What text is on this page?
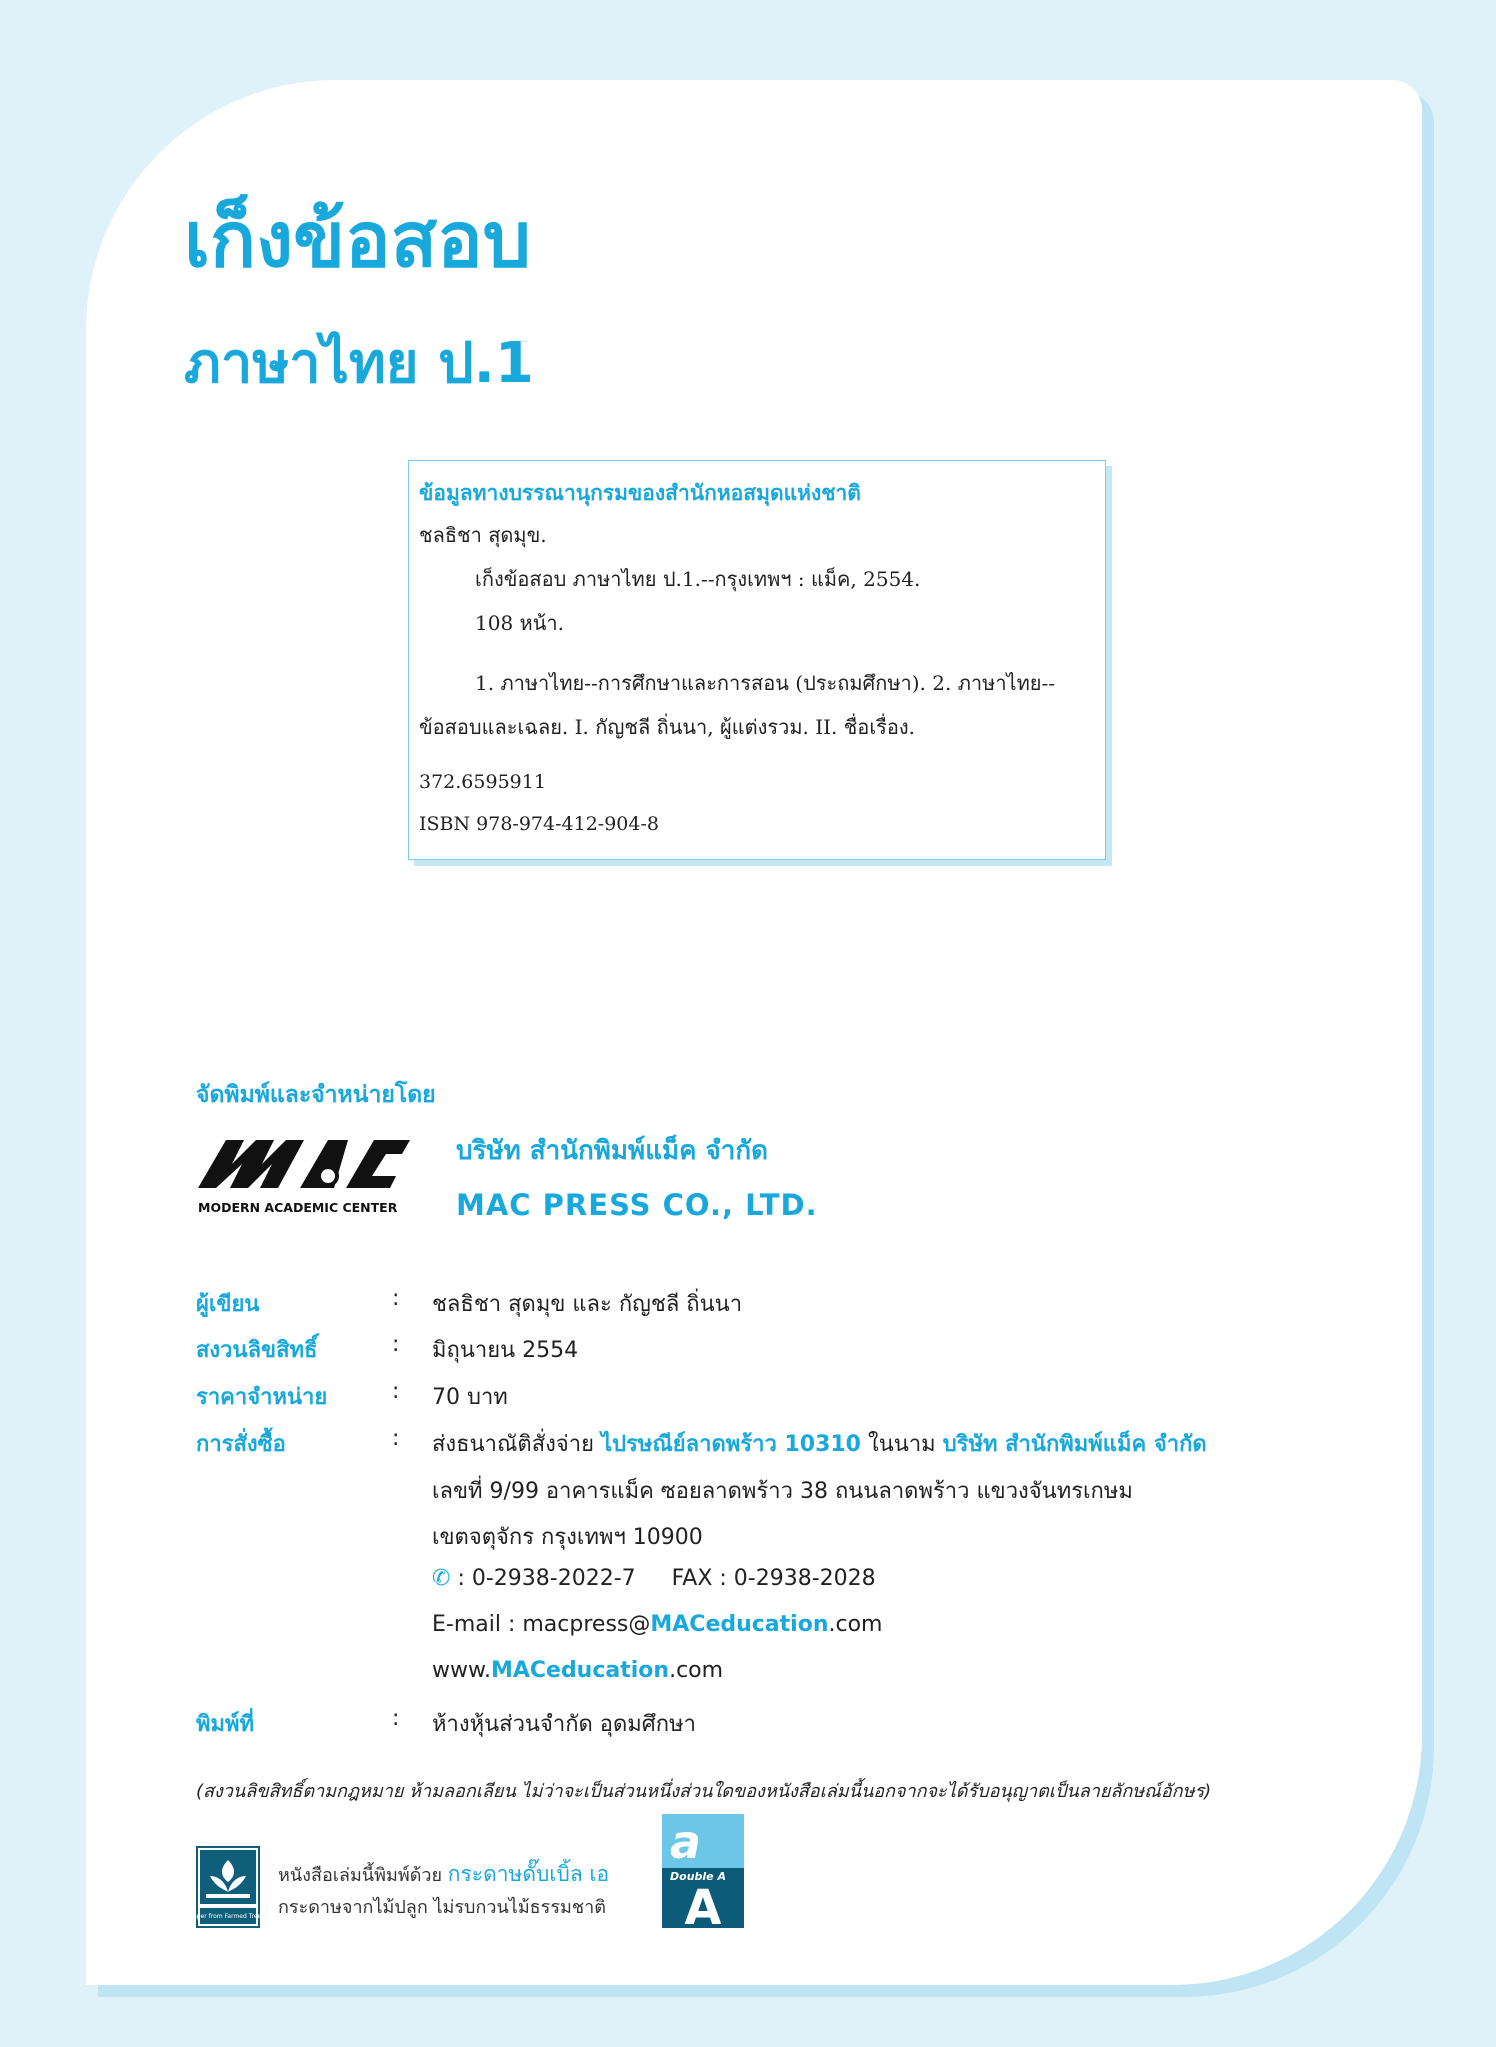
เก็งข้อสอบ
ภาษาไทย ป.1
ข้อมูลทางบรรณานุกรมของสำนักหอสมุดแห่งชาติ
ชลธิชา สุดมุข.
เก็งข้อสอบ ภาษาไทย ป.1.--กรุงเทพฯ : แม็ค, 2554.
108 หน้า.
1. ภาษาไทย--การศึกษาและการสอน (ประถมศึกษา). 2. ภาษาไทย--
ข้อสอบและเฉลย. I. กัญชลี ถิ่นนา, ผู้แต่งรวม. II. ชื่อเรื่อง.
372.6595911
ISBN 978-974-412-904-8
จัดพิมพ์และจำหน่ายโดย
MODERN ACADEMIC CENTER
บริษัท สำนักพิมพ์แม็ค จำกัด
MAC PRESS CO., LTD.
ผู้เขียน	: ชลธิชา สุดมุข และ กัญชลี ถิ่นนา
สงวนลิขสิทธิ์	: มิถุนายน 2554
ราคาจำหน่าย	: 70 บาท
การสั่งซื้อ	: ส่งธนาณัติสั่งจ่าย ไปรษณีย์ลาดพร้าว 10310 ในนาม บริษัท สำนักพิมพ์แม็ค จำกัด
เลขที่ 9/99 อาคารแม็ค ซอยลาดพร้าว 38 ถนนลาดพร้าว แขวงจันทรเกษม
เขตจตุจักร กรุงเทพฯ 10900
✆ : 0-2938-2022-7 FAX : 0-2938-2028
E-mail : macpress@MACeducation.com
www.MACeducation.com
พิมพ์ที่	: ห้างหุ้นส่วนจำกัด อุดมศึกษา
(สงวนลิขสิทธิ์ตามกฎหมาย ห้ามลอกเลียน ไม่ว่าจะเป็นส่วนหนึ่งส่วนใดของหนังสือเล่มนี้นอกจากจะได้รับอนุญาตเป็นลายลักษณ์อักษร)
Paper from Farmed Trees.
หนังสือเล่มนี้พิมพ์ด้วย กระดาษดั๊บเบิ้ล เอ
กระดาษจากไม้ปลูก ไม่รบกวนไม้ธรรมชาติ
a
Double A
A
